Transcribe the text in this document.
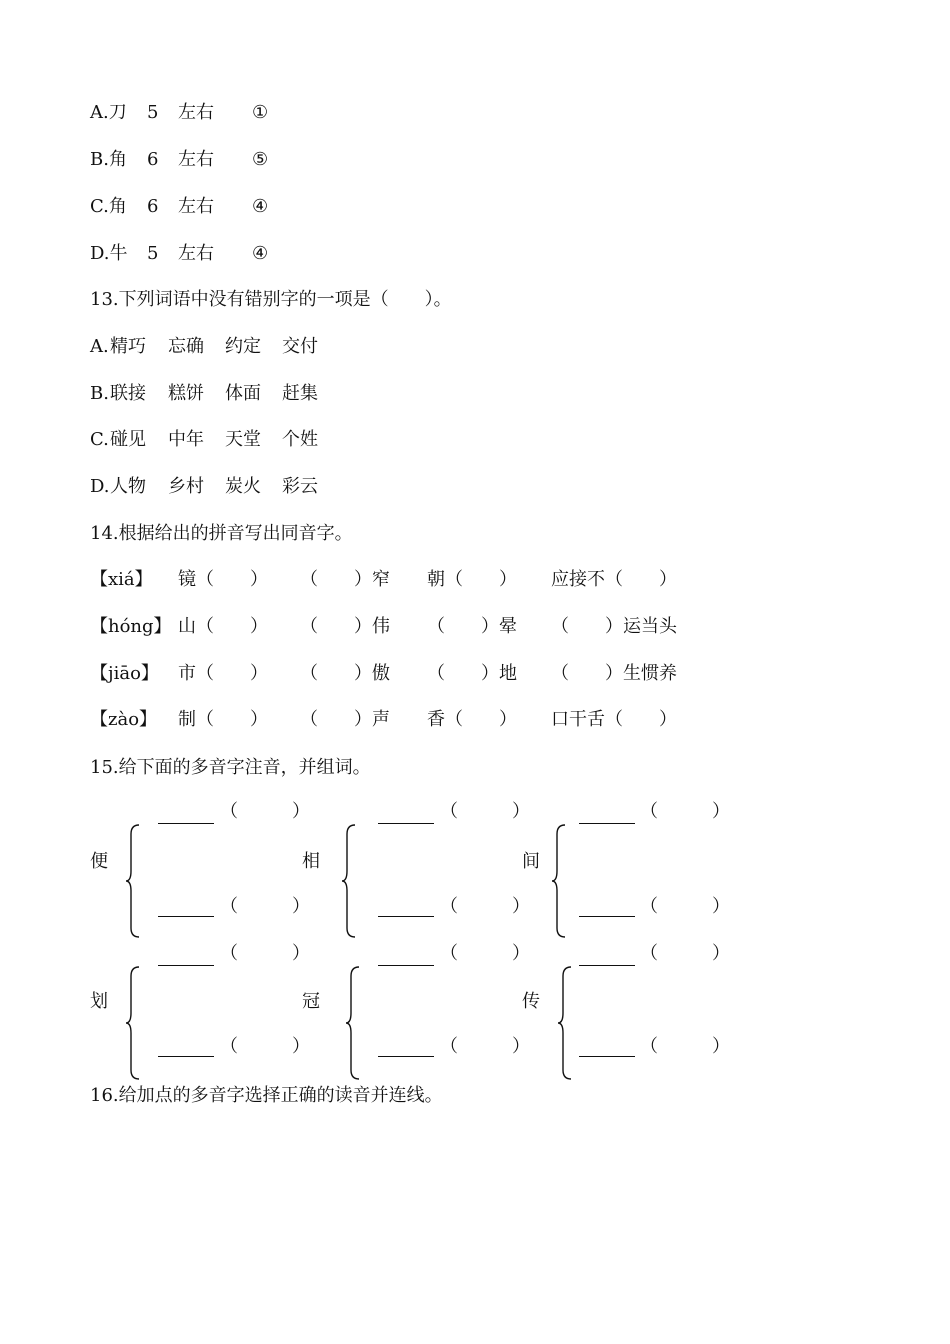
A.刀 5 左右 ①
B.角 6 左右 ⑤
C.角 6 左右 ④
D.牛 5 左右 ④
13.下列词语中没有错别字的一项是（　　）。
A. 精巧 忘确 约定 交付
B. 联接 糕饼 体面 赶集
C. 碰见 中年 天堂 个姓
D. 人物 乡村 炭火 彩云
14.根据给出的拼音写出同音字。
【xiá】 镜（　　） （　　）窄 朝（　　） 应接不（　　）
【hóng】 山（　　） （　　）伟 （　　）晕 （　　）运当头
【jiāo】 市（　　） （　　）傲 （　　）地 （　　）生惯养
【zào】 制（　　） （　　）声 香（　　） 口干舌（　　）
15.给下面的多音字注音，并组词。
便
（　　　）
（　　　）
相
（　　　）
（　　　）
间
（　　　）
（　　　）
划
（　　　）
（　　　）
冠
（　　　）
（　　　）
传
（　　　）
（　　　）
16.给加点的多音字选择正确的读音并连线。
